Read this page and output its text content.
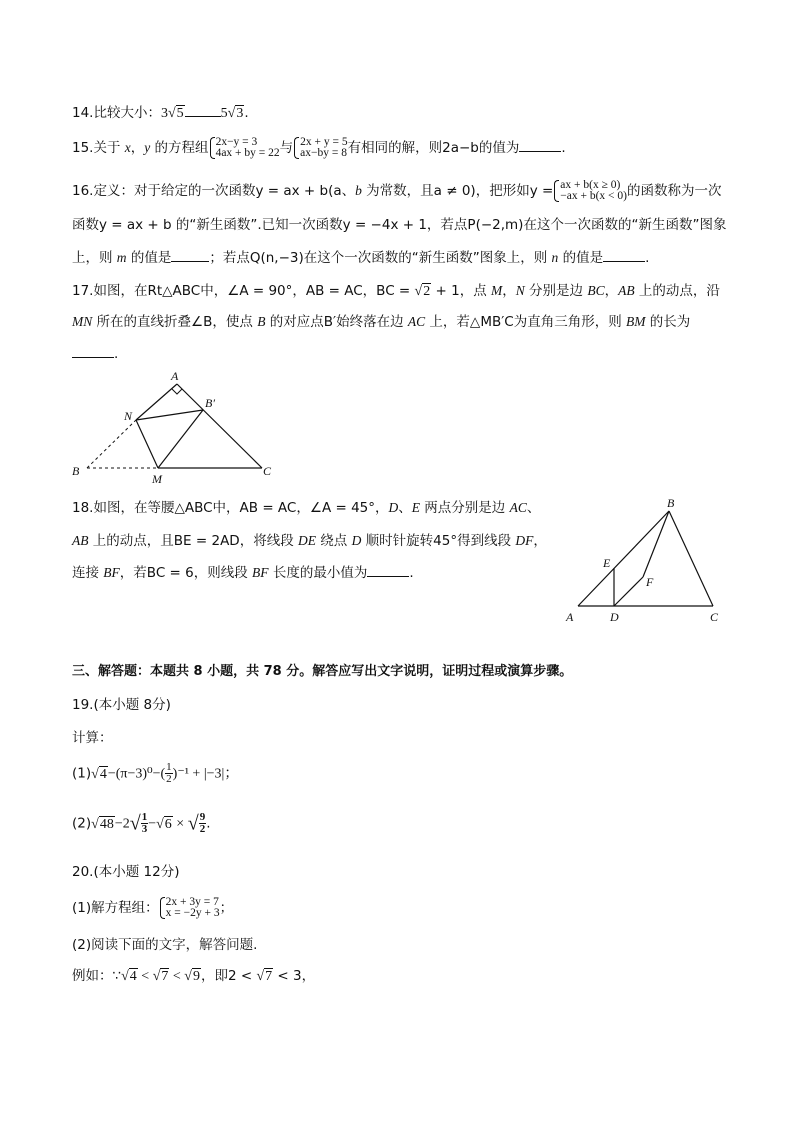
14.比较大小：3√5	5√3.
15.关于 x，y 的方程组 2x−y = 3
4ax + by = 22 与 2x + y = 5
ax−by = 8 有相同的解，则2a−b的值为	.
16.定义：对于给定的一次函数y = ax + b(a、b 为常数，且a ≠ 0)，把形如y = ax + b(x ≥ 0)
−ax + b(x < 0) 的函数称为一次
函数y = ax + b 的“新生函数”.已知一次函数y = −4x + 1，若点P(−2,m)在这个一次函数的“新生函数”图象
上，则 m 的值是	；若点Q(n,−3)在这个一次函数的“新生函数”图象上，则 n 的值是	.
17.如图，在Rt△ABC中，∠A = 90°，AB = AC，BC = √2 + 1，点 M，N 分别是边 BC，AB 上的动点，沿
MN 所在的直线折叠∠B，使点 B 的对应点B′始终落在边 AC 上，若△MB′C为直角三角形，则 BM 的长为
.
A
B′
N
B
M
C
18.如图，在等腰△ABC中，AB = AC，∠A = 45°，D、E 两点分别是边 AC、
AB 上的动点，且BE = 2AD，将线段 DE 绕点 D 顺时针旋转45°得到线段 DF，
连接 BF，若BC = 6，则线段 BF 长度的最小值为	.
B
E
F
A	D	C
三、解答题：本题共 8 小题，共 78 分。解答应写出文字说明，证明过程或演算步骤。
19.(本小题 8分)
计算：
$(1)√4-(\pi-3)^0-( \frac{1}{2} )^{-1} + |-3|$；
$(2)√48-2√ \frac{1}{3} -√6$ × √ $\frac{9}{2}$ .
20.(本小题 12分)
(1)解方程组： 2x + 3y = 7
x = −2y + 3 ；
(2)阅读下面的文字，解答问题.
例如：∵√4 < √7 < √9，即2 < √7 < 3，
